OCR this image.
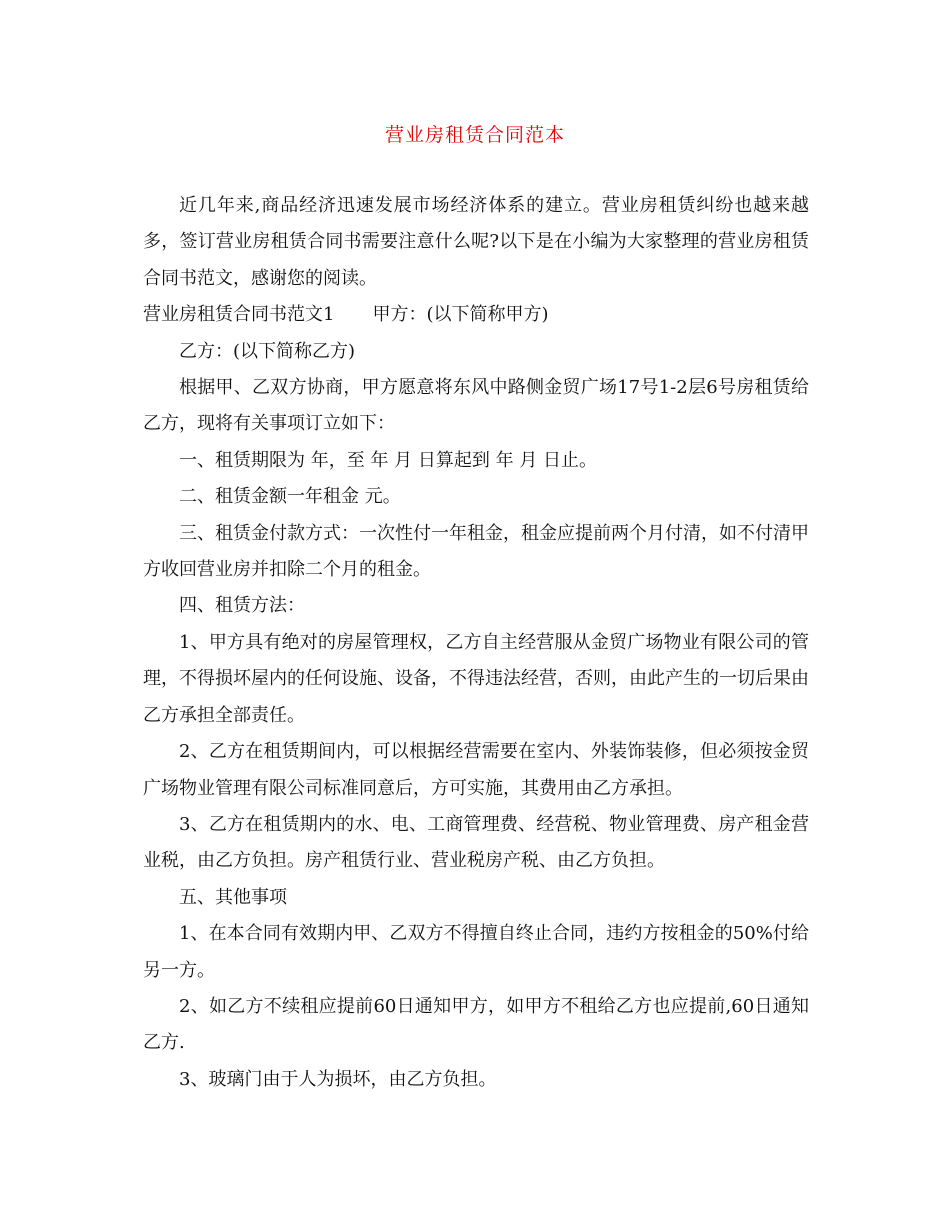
营业房租赁合同范本

近几年来,商品经济迅速发展市场经济体系的建立。营业房租赁纠纷也越来越多，签订营业房租赁合同书需要注意什么呢?以下是在小编为大家整理的营业房租赁合同书范文，感谢您的阅读。

营业房租赁合同书范文1 甲方：(以下简称甲方)

乙方：(以下简称乙方)

根据甲、乙双方协商，甲方愿意将东风中路侧金贸广场17号1-2层6号房租赁给乙方，现将有关事项订立如下：

一、租赁期限为 年，至 年 月 日算起到 年 月 日止。

二、租赁金额一年租金 元。

三、租赁金付款方式：一次性付一年租金，租金应提前两个月付清，如不付清甲方收回营业房并扣除二个月的租金。

四、租赁方法：

1、甲方具有绝对的房屋管理权，乙方自主经营服从金贸广场物业有限公司的管理，不得损坏屋内的任何设施、设备，不得违法经营，否则，由此产生的一切后果由乙方承担全部责任。

2、乙方在租赁期间内，可以根据经营需要在室内、外装饰装修，但必须按金贸广场物业管理有限公司标准同意后，方可实施，其费用由乙方承担。

3、乙方在租赁期内的水、电、工商管理费、经营税、物业管理费、房产租金营业税，由乙方负担。房产租赁行业、营业税房产税、由乙方负担。

五、其他事项

1、在本合同有效期内甲、乙双方不得擅自终止合同，违约方按租金的50%付给另一方。

2、如乙方不续租应提前60日通知甲方，如甲方不租给乙方也应提前,60日通知乙方.

3、玻璃门由于人为损坏，由乙方负担。
